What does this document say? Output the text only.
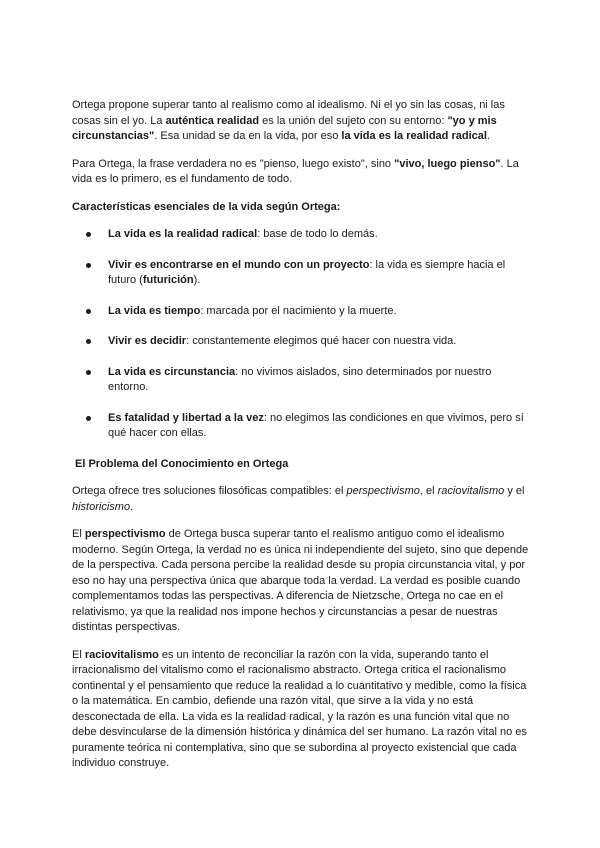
Ortega propone superar tanto al realismo como al idealismo. Ni el yo sin las cosas, ni las cosas sin el yo. La auténtica realidad es la unión del sujeto con su entorno: "yo y mis circunstancias". Esa unidad se da en la vida, por eso la vida es la realidad radical.

Para Ortega, la frase verdadera no es "pienso, luego existo", sino "vivo, luego pienso". La vida es lo primero, es el fundamento de todo.

Características esenciales de la vida según Ortega:
La vida es la realidad radical: base de todo lo demás.
Vivir es encontrarse en el mundo con un proyecto: la vida es siempre hacia el futuro (futurición).
La vida es tiempo: marcada por el nacimiento y la muerte.
Vivir es decidir: constantemente elegimos qué hacer con nuestra vida.
La vida es circunstancia: no vivimos aislados, sino determinados por nuestro entorno.
Es fatalidad y libertad a la vez: no elegimos las condiciones en que vivimos, pero sí qué hacer con ellas.
El Problema del Conocimiento en Ortega

Ortega ofrece tres soluciones filosóficas compatibles: el perspectivismo, el raciovitalismo y el historicismo.

El perspectivismo de Ortega busca superar tanto el realismo antiguo como el idealismo moderno. Según Ortega, la verdad no es única ni independiente del sujeto, sino que depende de la perspectiva. Cada persona percibe la realidad desde su propia circunstancia vital, y por eso no hay una perspectiva única que abarque toda la verdad. La verdad es posible cuando complementamos todas las perspectivas. A diferencia de Nietzsche, Ortega no cae en el relativismo, ya que la realidad nos impone hechos y circunstancias a pesar de nuestras distintas perspectivas.

El raciovitalismo es un intento de reconciliar la razón con la vida, superando tanto el irracionalismo del vitalismo como el racionalismo abstracto. Ortega critica el racionalismo continental y el pensamiento que reduce la realidad a lo cuantitativo y medible, como la física o la matemática. En cambio, defiende una razón vital, que sirve a la vida y no está desconectada de ella. La vida es la realidad radical, y la razón es una función vital que no debe desvincularse de la dimensión histórica y dinámica del ser humano. La razón vital no es puramente teórica ni contemplativa, sino que se subordina al proyecto existencial que cada individuo construye.
